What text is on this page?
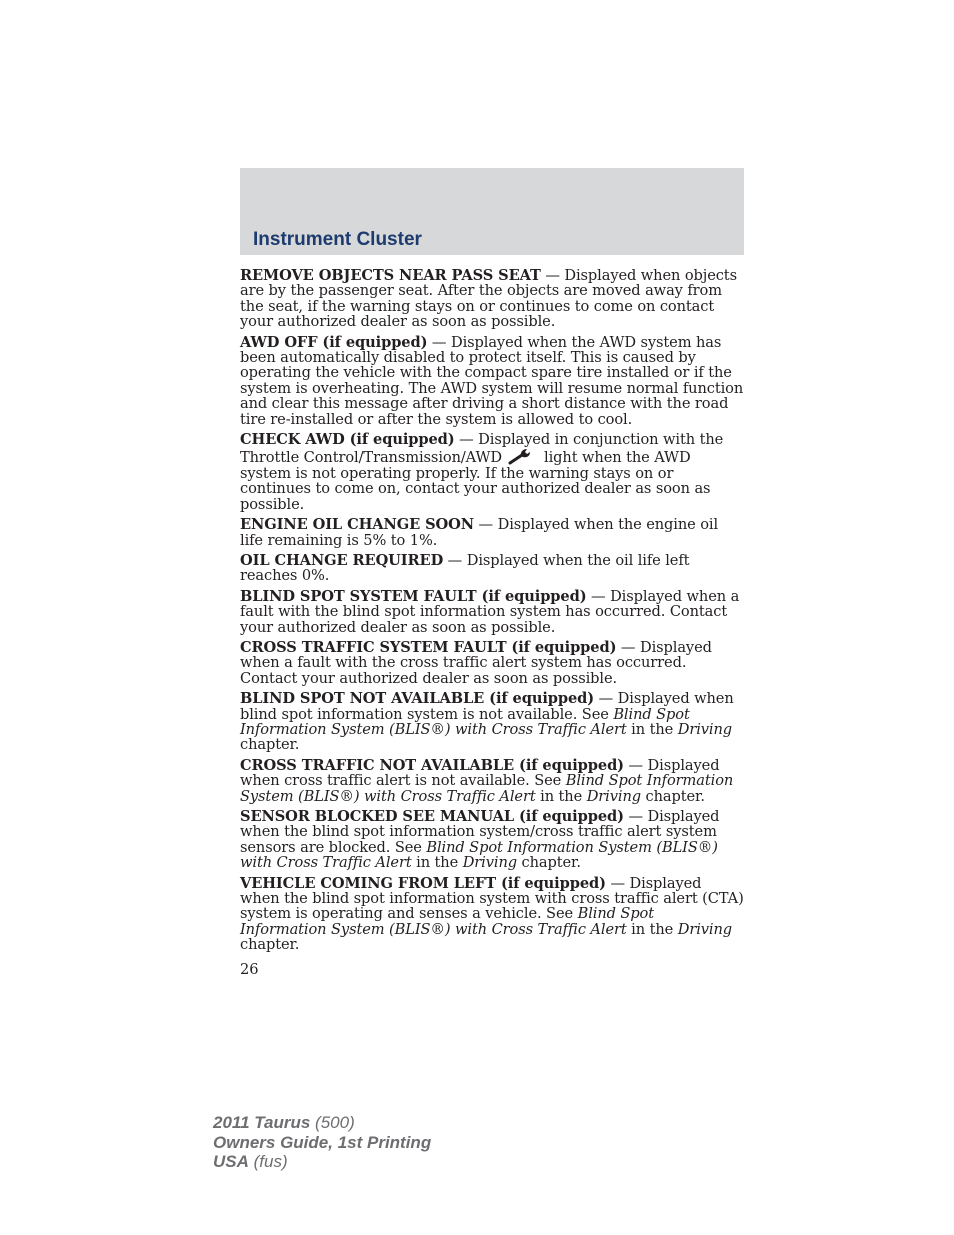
Instrument Cluster

REMOVE OBJECTS NEAR PASS SEAT — Displayed when objects are by the passenger seat. After the objects are moved away from the seat, if the warning stays on or continues to come on contact your authorized dealer as soon as possible.

AWD OFF (if equipped) — Displayed when the AWD system has been automatically disabled to protect itself. This is caused by operating the vehicle with the compact spare tire installed or if the system is overheating. The AWD system will resume normal function and clear this message after driving a short distance with the road tire re-installed or after the system is allowed to cool.

CHECK AWD (if equipped) — Displayed in conjunction with the Throttle Control/Transmission/AWD	light when the AWD system is not operating properly. If the warning stays on or continues to come on, contact your authorized dealer as soon as possible.

ENGINE OIL CHANGE SOON — Displayed when the engine oil life remaining is 5% to 1%.

OIL CHANGE REQUIRED — Displayed when the oil life left reaches 0%.

BLIND SPOT SYSTEM FAULT (if equipped) — Displayed when a fault with the blind spot information system has occurred. Contact your authorized dealer as soon as possible.

CROSS TRAFFIC SYSTEM FAULT (if equipped) — Displayed when a fault with the cross traffic alert system has occurred. Contact your authorized dealer as soon as possible.

BLIND SPOT NOT AVAILABLE (if equipped) — Displayed when blind spot information system is not available. See Blind Spot Information System (BLIS®) with Cross Traffic Alert in the Driving chapter.

CROSS TRAFFIC NOT AVAILABLE (if equipped) — Displayed when cross traffic alert is not available. See Blind Spot Information System (BLIS®) with Cross Traffic Alert in the Driving chapter.

SENSOR BLOCKED SEE MANUAL (if equipped) — Displayed when the blind spot information system/cross traffic alert system sensors are blocked. See Blind Spot Information System (BLIS®) with Cross Traffic Alert in the Driving chapter.

VEHICLE COMING FROM LEFT (if equipped) — Displayed when the blind spot information system with cross traffic alert (CTA) system is operating and senses a vehicle. See Blind Spot Information System (BLIS®) with Cross Traffic Alert in the Driving chapter.

26
2011 Taurus (500)
Owners Guide, 1st Printing
USA (fus)
